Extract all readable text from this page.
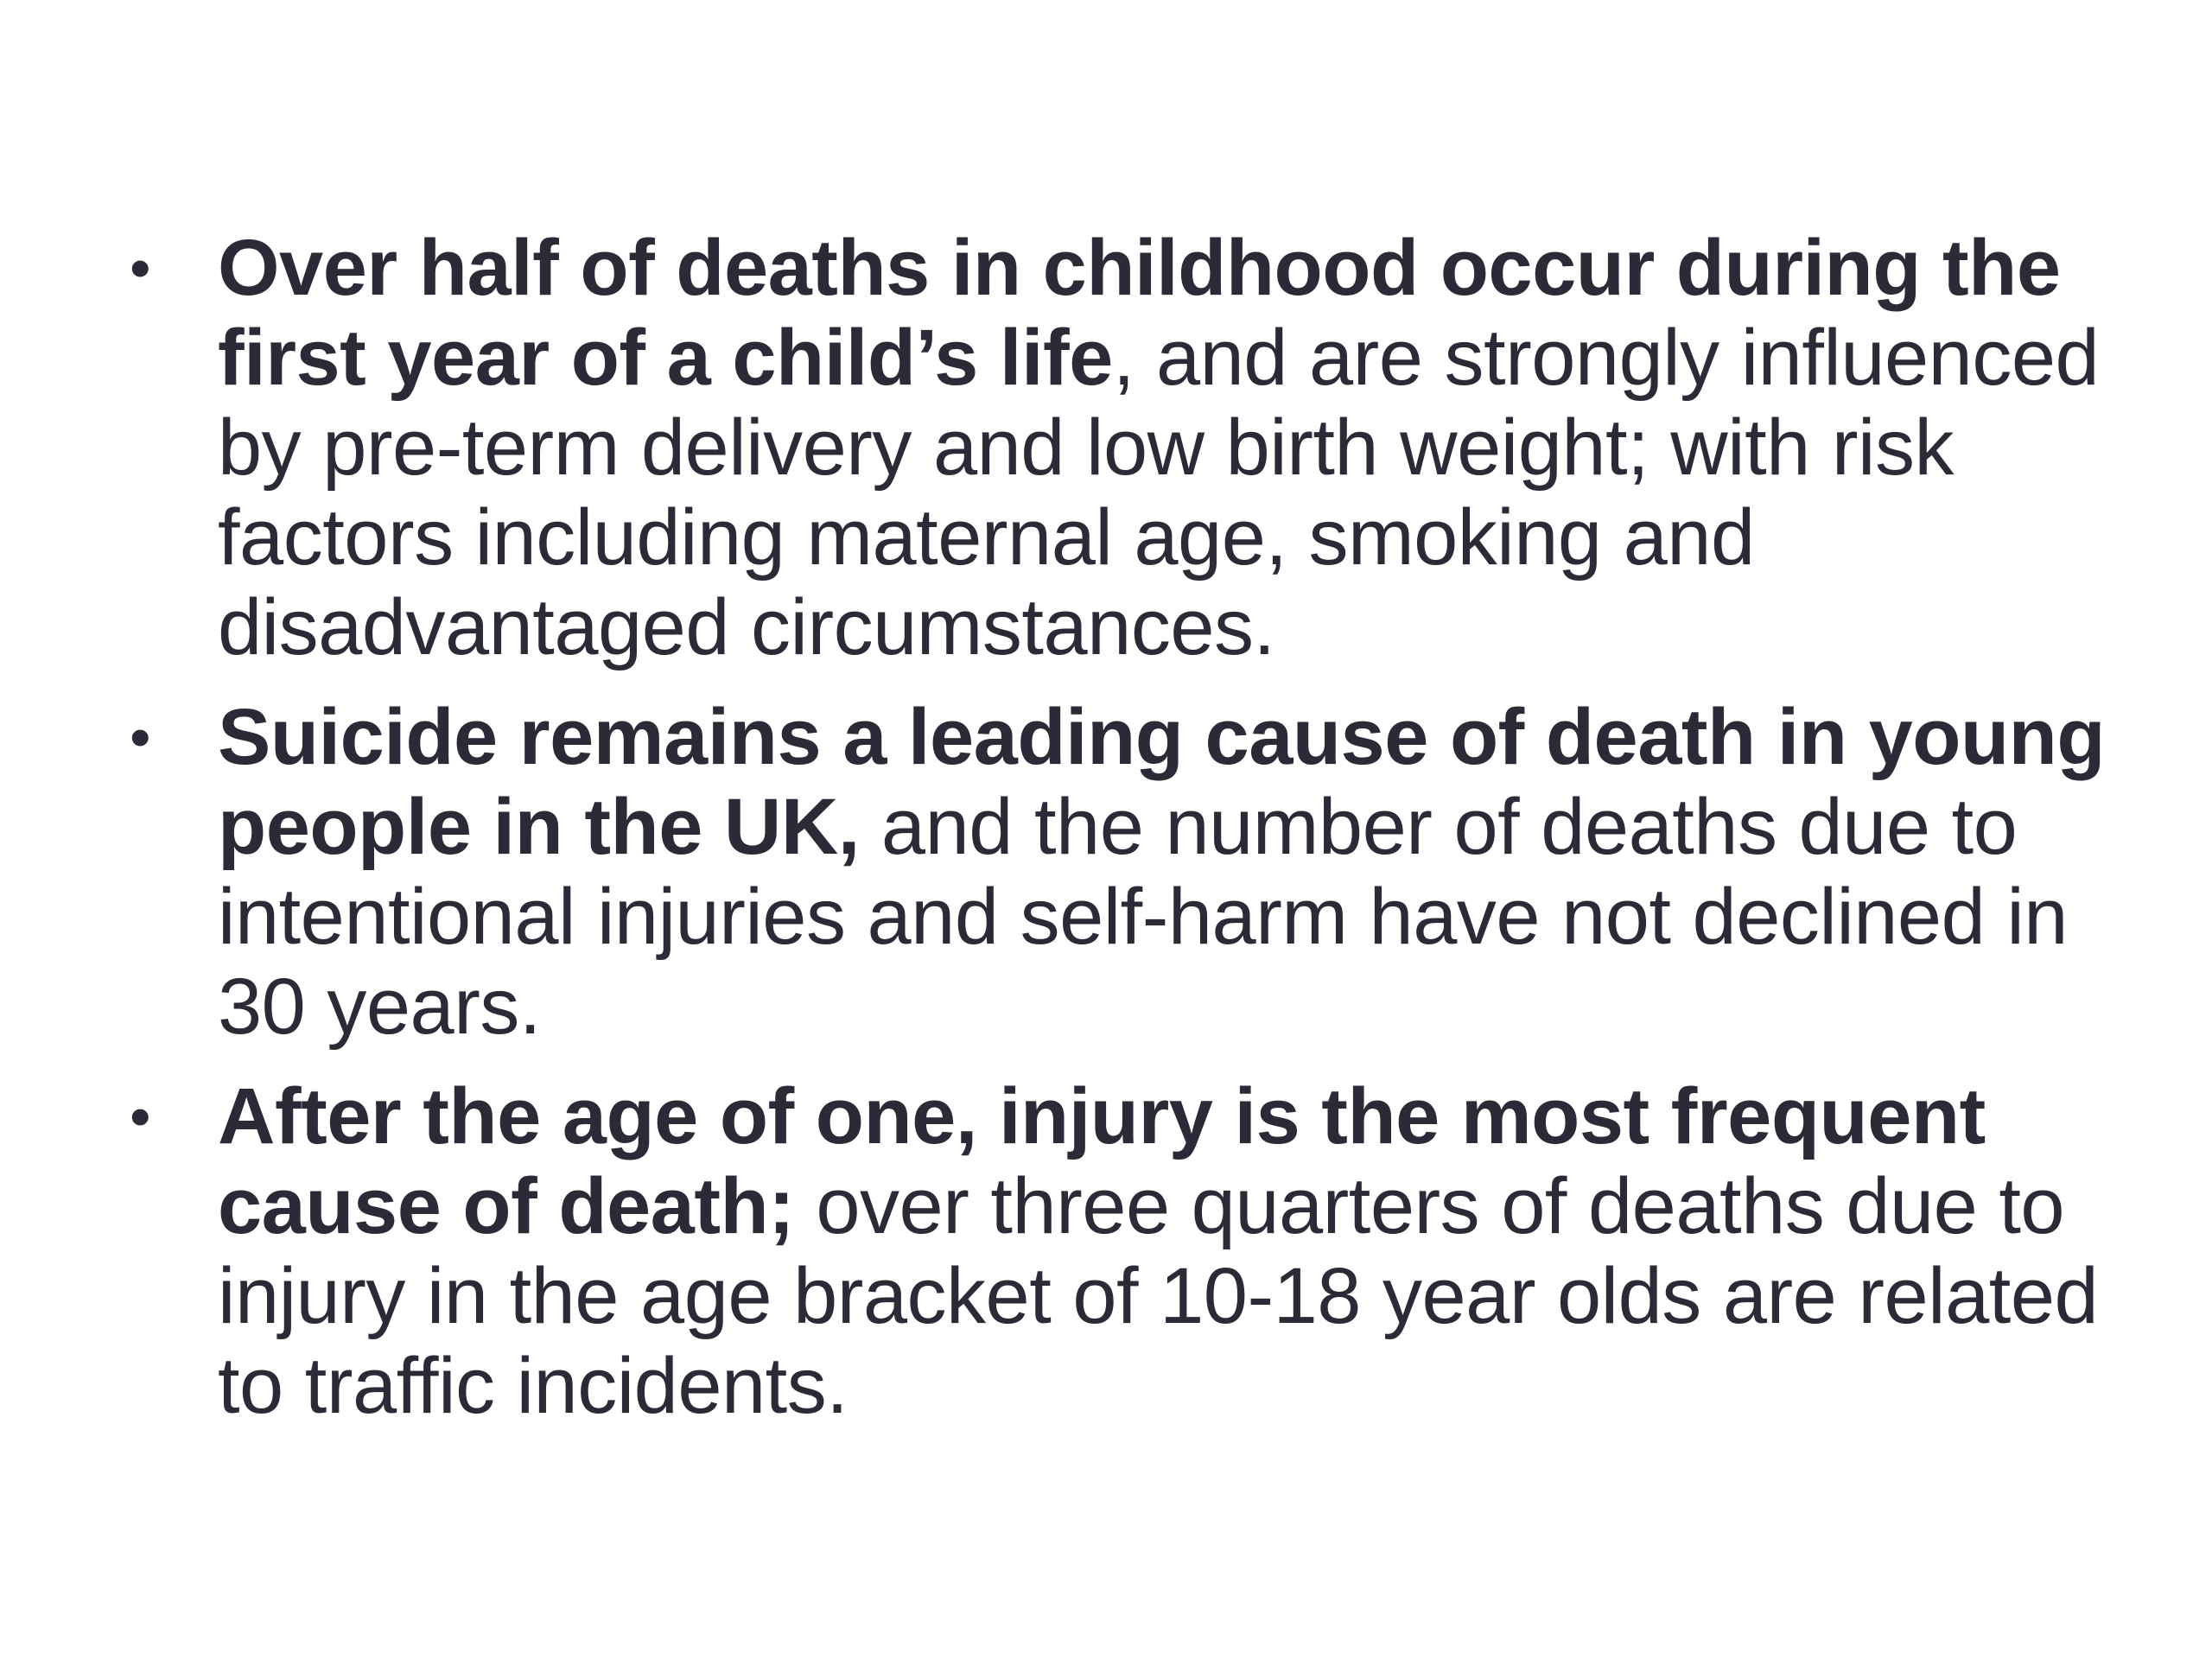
• Over half of deaths in childhood occur during the first year of a child’s life, and are strongly influenced by pre-term delivery and low birth weight; with risk factors including maternal age, smoking and disadvantaged circumstances.
• Suicide remains a leading cause of death in young people in the UK, and the number of deaths due to intentional injuries and self-harm have not declined in 30 years.
• After the age of one, injury is the most frequent cause of death; over three quarters of deaths due to injury in the age bracket of 10-18 year olds are related to traffic incidents.
